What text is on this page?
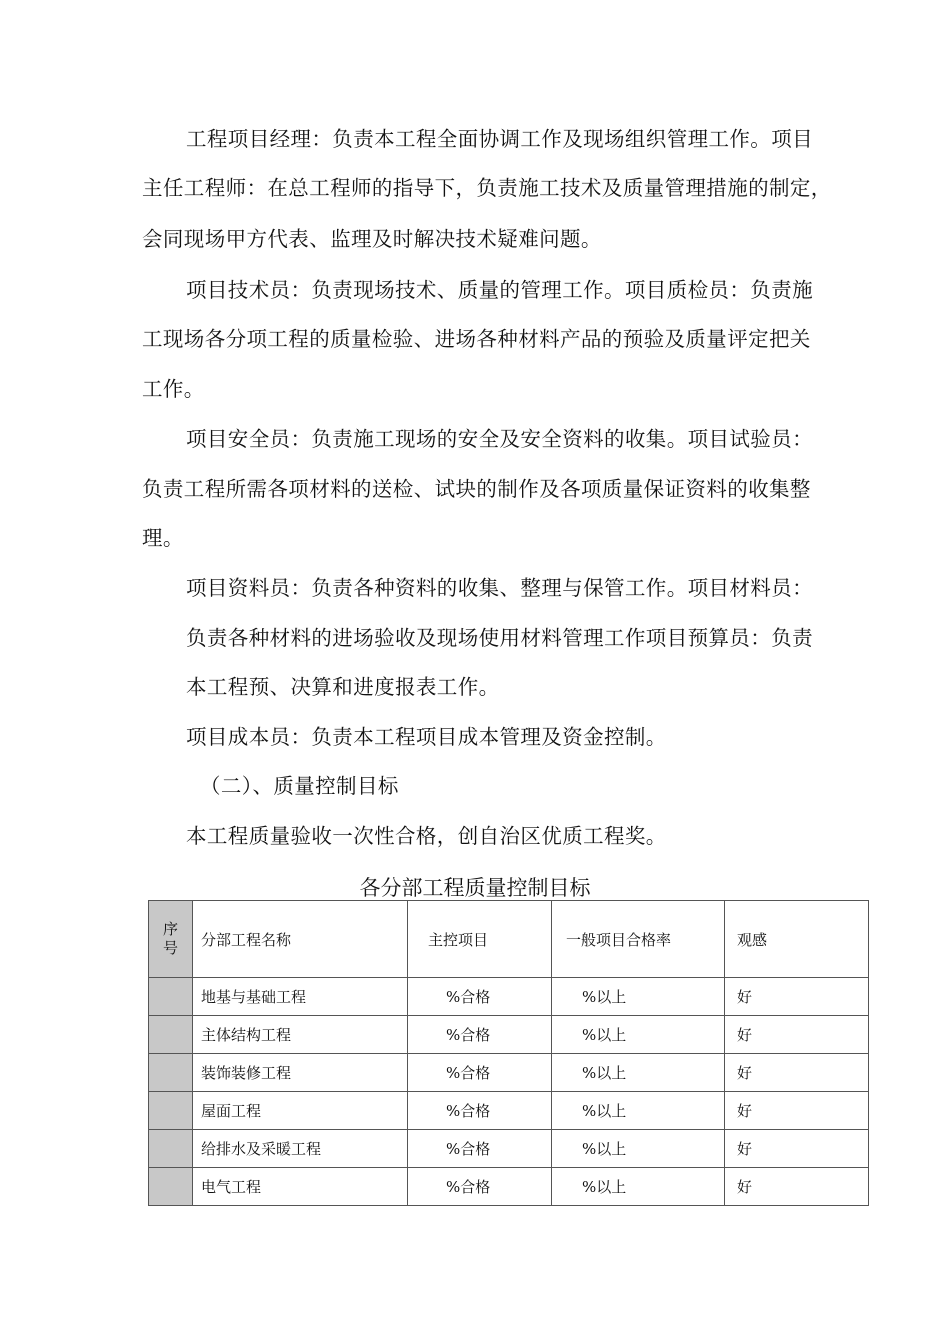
工程项目经理：负责本工程全面协调工作及现场组织管理工作。项目
主任工程师：在总工程师的指导下，负责施工技术及质量管理措施的制定，
会同现场甲方代表、监理及时解决技术疑难问题。
项目技术员：负责现场技术、质量的管理工作。项目质检员：负责施
工现场各分项工程的质量检验、进场各种材料产品的预验及质量评定把关
工作。
项目安全员：负责施工现场的安全及安全资料的收集。项目试验员：
负责工程所需各项材料的送检、试块的制作及各项质量保证资料的收集整
理。
项目资料员：负责各种资料的收集、整理与保管工作。项目材料员：
负责各种材料的进场验收及现场使用材料管理工作项目预算员：负责
本工程预、决算和进度报表工作。
项目成本员：负责本工程项目成本管理及资金控制。
（二）、质量控制目标
本工程质量验收一次性合格，创自治区优质工程奖。
各分部工程质量控制目标
序
号	分部工程名称	主控项目	一般项目合格率	观感
	地基与基础工程	%合格	%以上	好
	主体结构工程	%合格	%以上	好
	装饰装修工程	%合格	%以上	好
	屋面工程	%合格	%以上	好
	给排水及采暖工程	%合格	%以上	好
	电气工程	%合格	%以上	好
